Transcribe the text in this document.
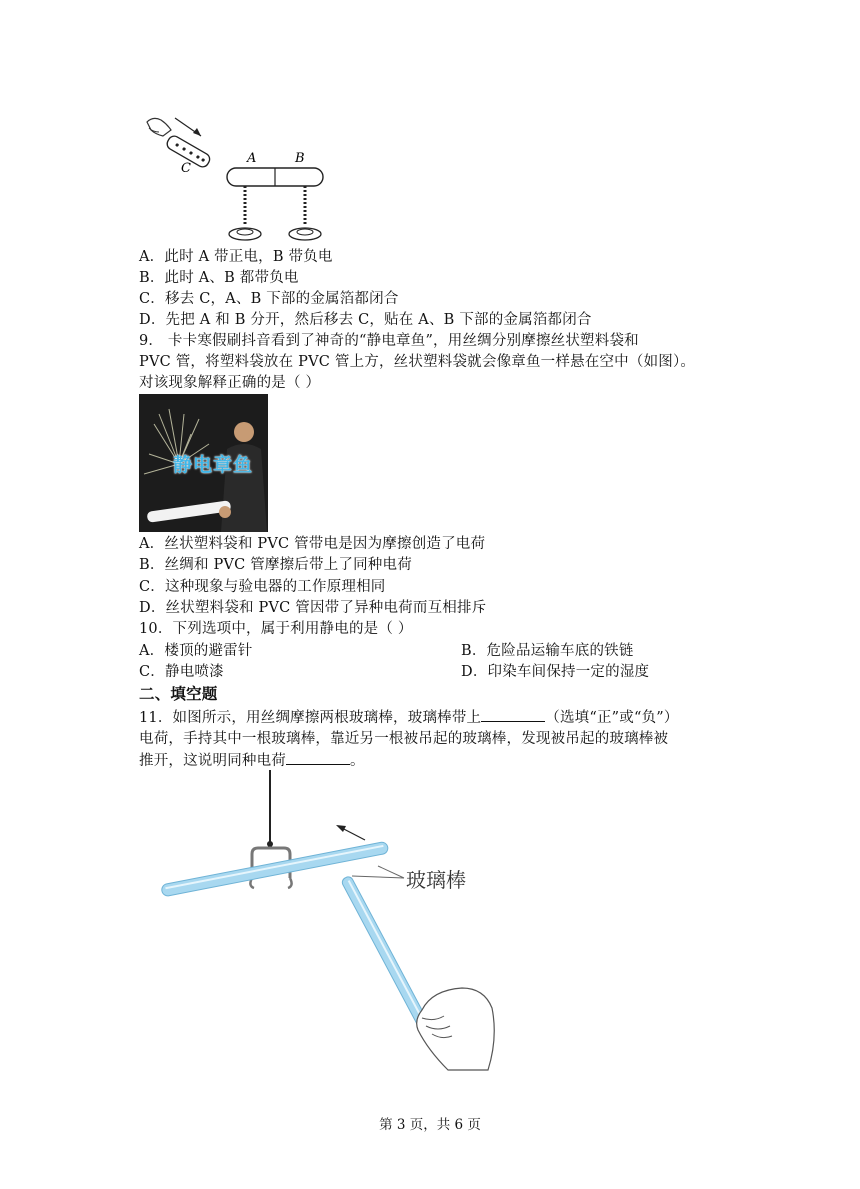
C
A	B
A．此时 A 带正电，B 带负电
B．此时 A、B 都带负电
C．移去 C，A、B 下部的金属箔都闭合
D．先把 A 和 B 分开，然后移去 C，贴在 A、B 下部的金属箔都闭合
9． 卡卡寒假刷抖音看到了神奇的“静电章鱼”，用丝绸分别摩擦丝状塑料袋和
PVC 管，将塑料袋放在 PVC 管上方，丝状塑料袋就会像章鱼一样悬在空中（如图）。
对该现象解释正确的是（ ）
静电章鱼
A．丝状塑料袋和 PVC 管带电是因为摩擦创造了电荷
B．丝绸和 PVC 管摩擦后带上了同种电荷
C．这种现象与验电器的工作原理相同
D．丝状塑料袋和 PVC 管因带了异种电荷而互相排斥
10．下列选项中，属于利用静电的是（ ）
A．楼顶的避雷针	B．危险品运输车底的铁链
C．静电喷漆	D．印染车间保持一定的湿度
二、填空题
11．如图所示，用丝绸摩擦两根玻璃棒，玻璃棒带上	（选填“正”或“负”）
电荷，手持其中一根玻璃棒，靠近另一根被吊起的玻璃棒，发现被吊起的玻璃棒被
推开，这说明同种电荷	。
玻璃棒
第 3 页，共 6 页
